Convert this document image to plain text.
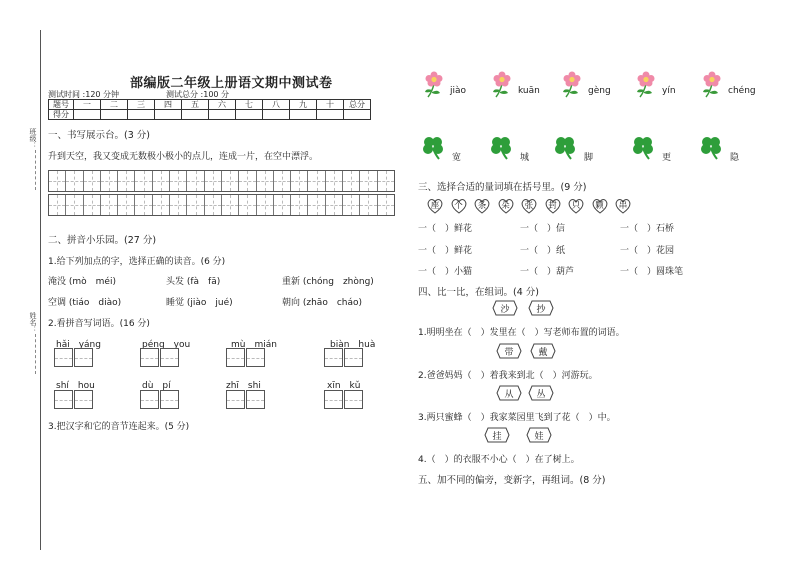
班级：
姓名：
部编版二年级上册语文期中测试卷
测试时间 :120 分钟	测试总分 :100 分
题号	一	二	三	四	五	六	七	八	九	十	总分
得分											
一、书写展示台。(3 分)
升到天空，我又变成无数极小极小的点儿，连成一片，在空中漂浮。
二、拼音小乐园。(27 分)
1.给下列加点的字，选择正确的读音。(6 分)
淹没 (mò　méi)	头发 (fà　fā)	重新 (chóng　zhòng)
空调 (tiáo　diào)	睡觉 (jiào　jué)	朝向 (zhāo　cháo)
2.看拼音写词语。(16 分)
hǎi　yáng	péng　you	mù　mián	biàn　huà
shí　hou	dù　pí	zhī　shi	xīn　kǔ
3.把汉字和它的音节连起来。(5 分)
jiào	kuān	gèng	yín	chéng
宽	城	脚	更	隐
三、选择合适的量词填在括号里。(9 分)
座	个	条	朵	张	封	只	颗	串
一（　）鲜花	一（　）信	一（　）石桥
一（　）鲜花	一（　）纸	一（　）花园
一（　）小猫	一（　）葫芦	一（　）圆珠笔
四、比一比，在组词。(4 分)
沙	抄
带	戴
从	丛
挂	娃
1.明明坐在（　）发里在（　）写老师布置的词语。
2.爸爸妈妈（　）着我来到北（　）河游玩。
3.两只蜜蜂（　）我家菜园里飞到了花（　）中。
4.（　）的衣服不小心（　）在了树上。
五、加不同的偏旁，变新字，再组词。(8 分)
